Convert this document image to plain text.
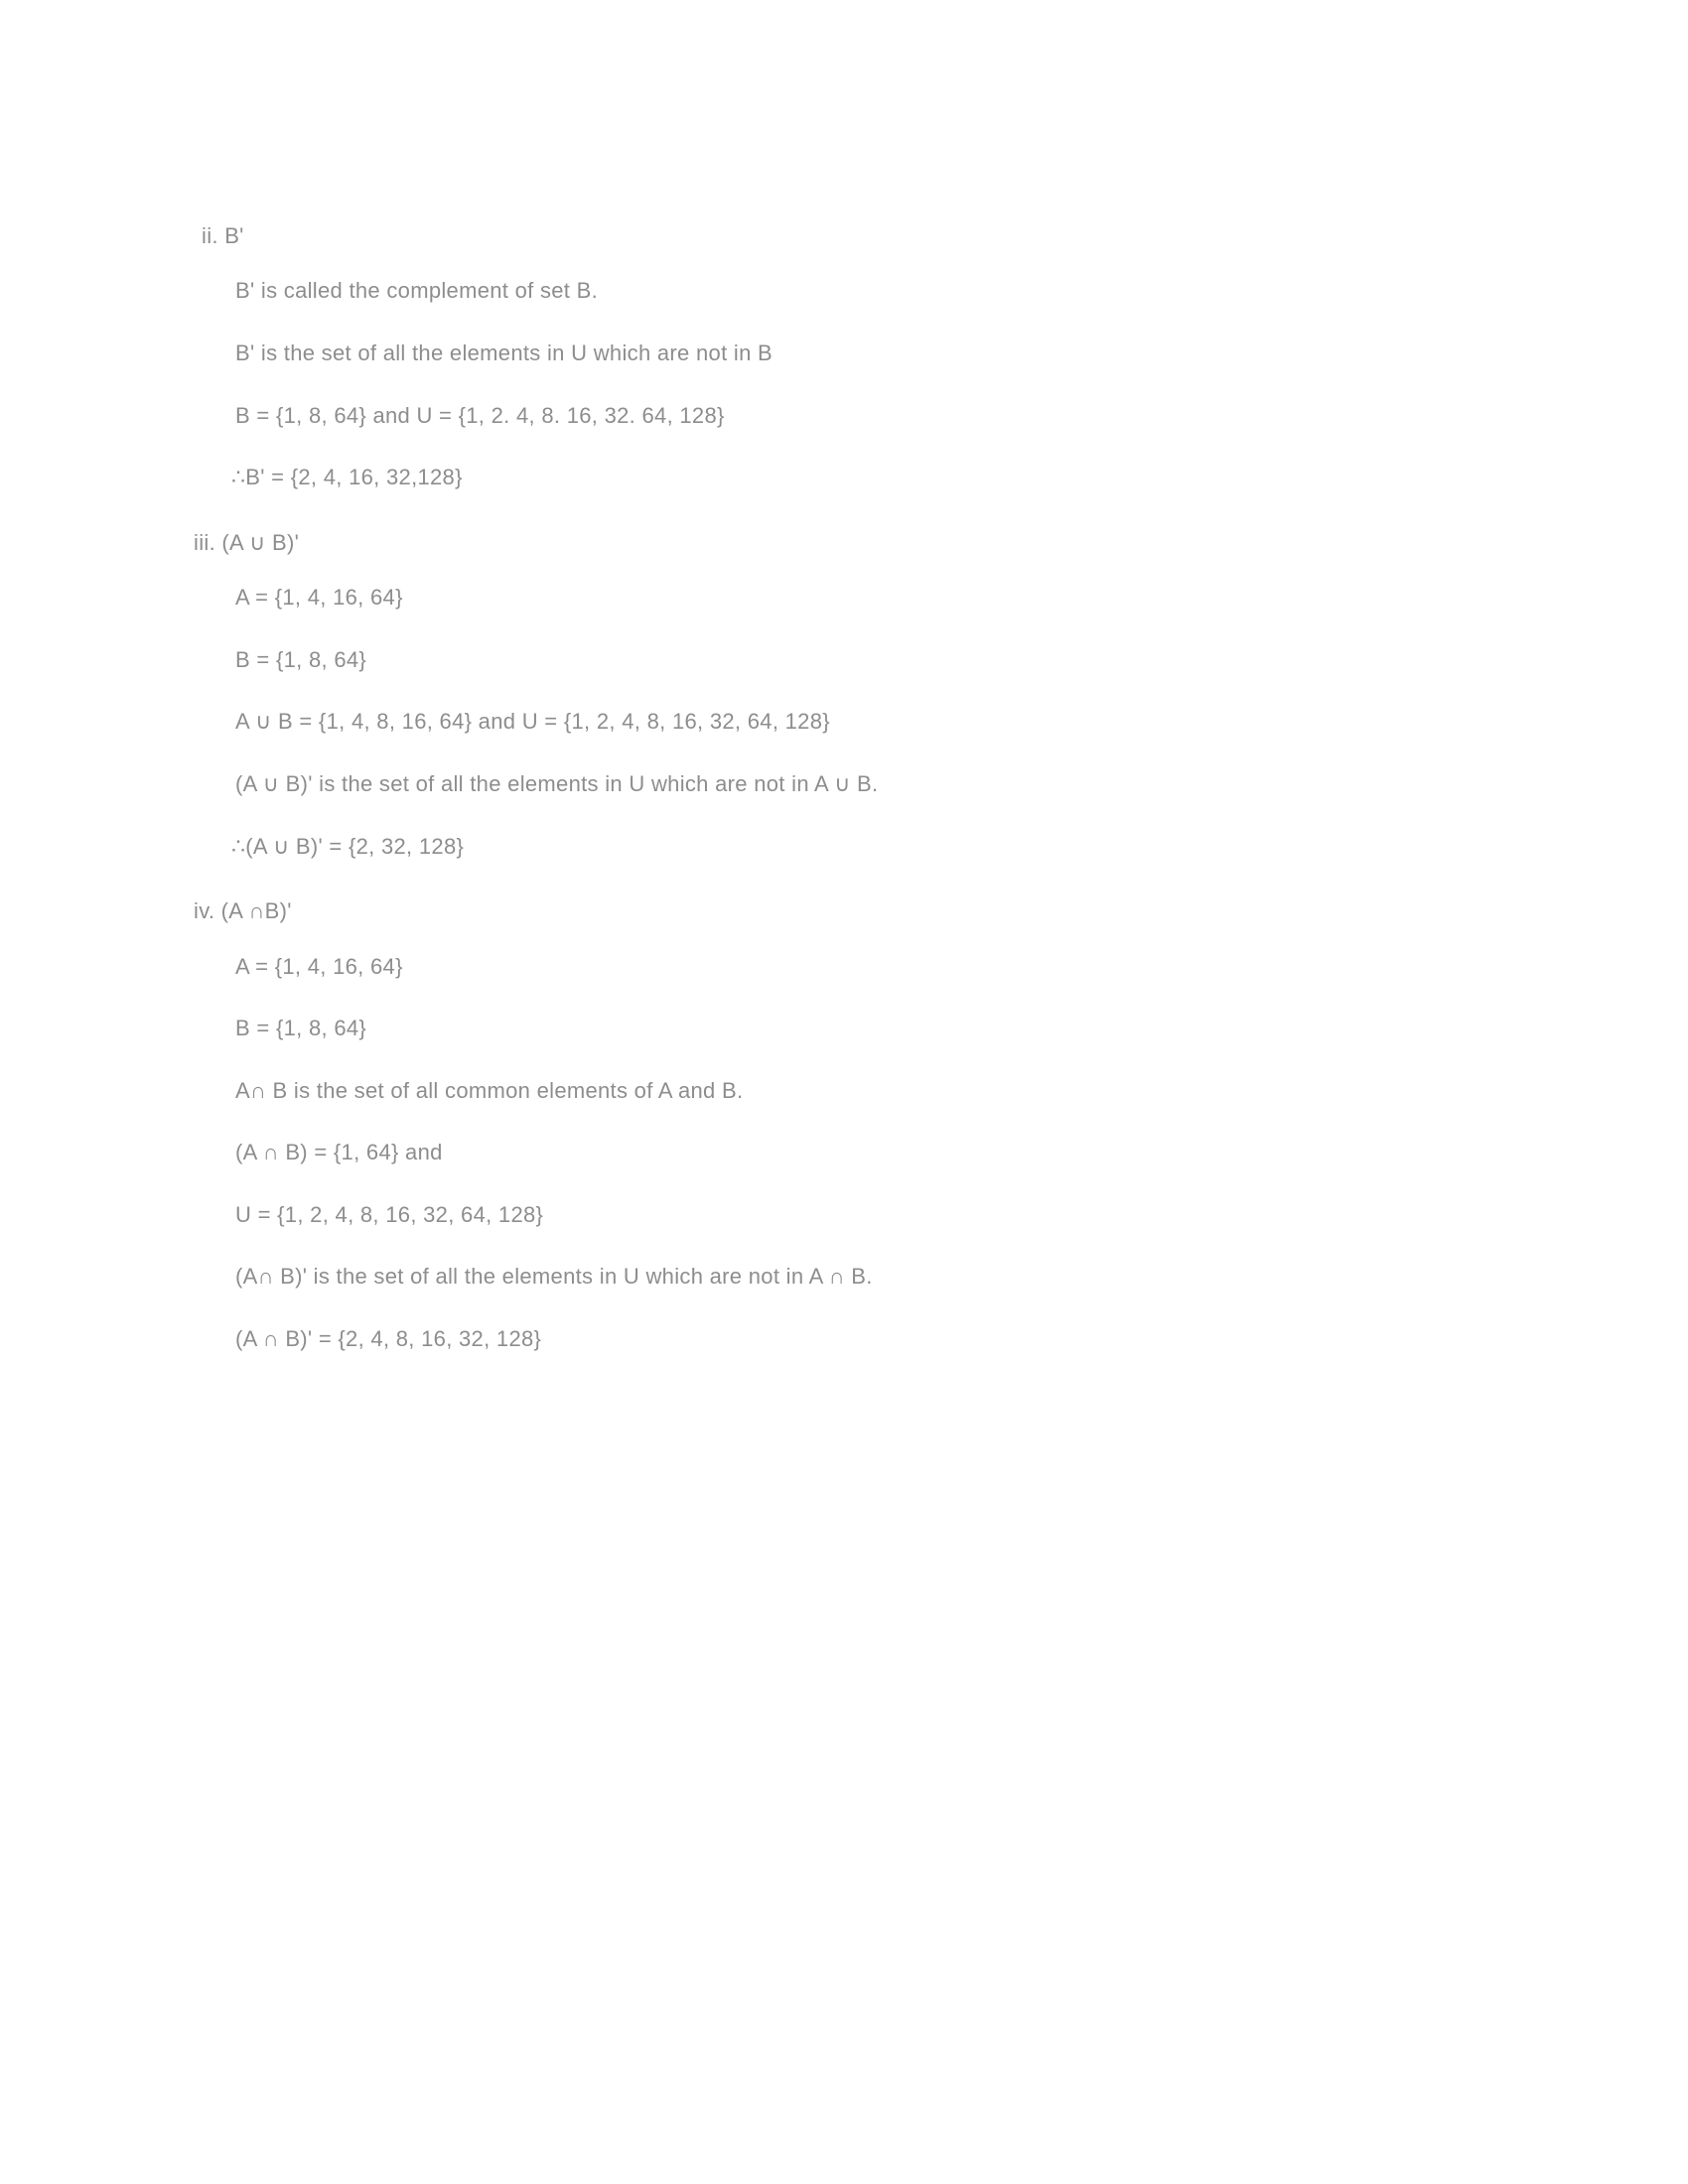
ii. B'
B' is called the complement of set B.
B' is the set of all the elements in U which are not in B
B = {1, 8, 64} and U = {1, 2. 4, 8. 16, 32. 64, 128}
∴B' = {2, 4, 16, 32,128}
iii. (A ∪ B)'
A = {1, 4, 16, 64}
B = {1, 8, 64}
A ∪ B = {1, 4, 8, 16, 64} and U = {1, 2, 4, 8, 16, 32, 64, 128}
(A ∪ B)' is the set of all the elements in U which are not in A ∪ B.
∴(A ∪ B)' = {2, 32, 128}
iv. (A ∩B)'
A = {1, 4, 16, 64}
B = {1, 8, 64}
A∩ B is the set of all common elements of A and B.
(A ∩ B) = {1, 64} and
U = {1, 2, 4, 8, 16, 32, 64, 128}
(A∩ B)' is the set of all the elements in U which are not in A ∩ B.
(A ∩ B)' = {2, 4, 8, 16, 32, 128}
